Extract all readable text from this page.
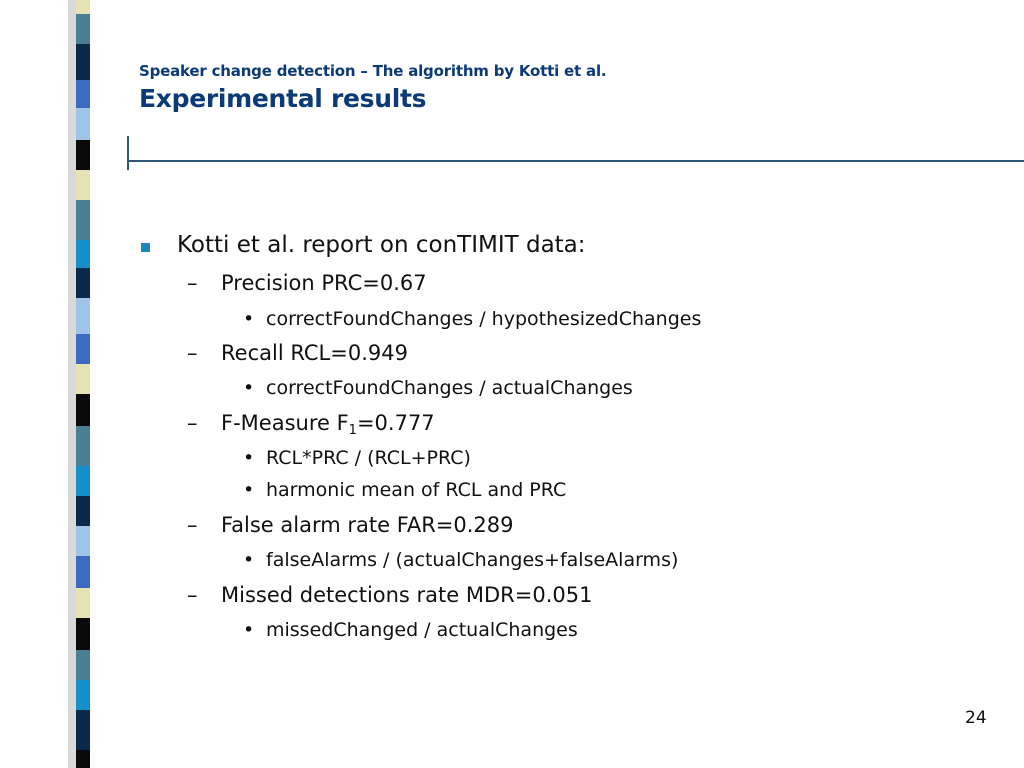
Speaker change detection – The algorithm by Kotti et al.
Experimental results
Kotti et al. report on conTIMIT data:
– Precision PRC=0.67
• correctFoundChanges / hypothesizedChanges
– Recall RCL=0.949
• correctFoundChanges / actualChanges
– F-Measure $F_1=0.777$
• RCL*PRC / (RCL+PRC)
• harmonic mean of RCL and PRC
– False alarm rate FAR=0.289
• falseAlarms / (actualChanges+falseAlarms)
– Missed detections rate MDR=0.051
• missedChanged / actualChanges
24
